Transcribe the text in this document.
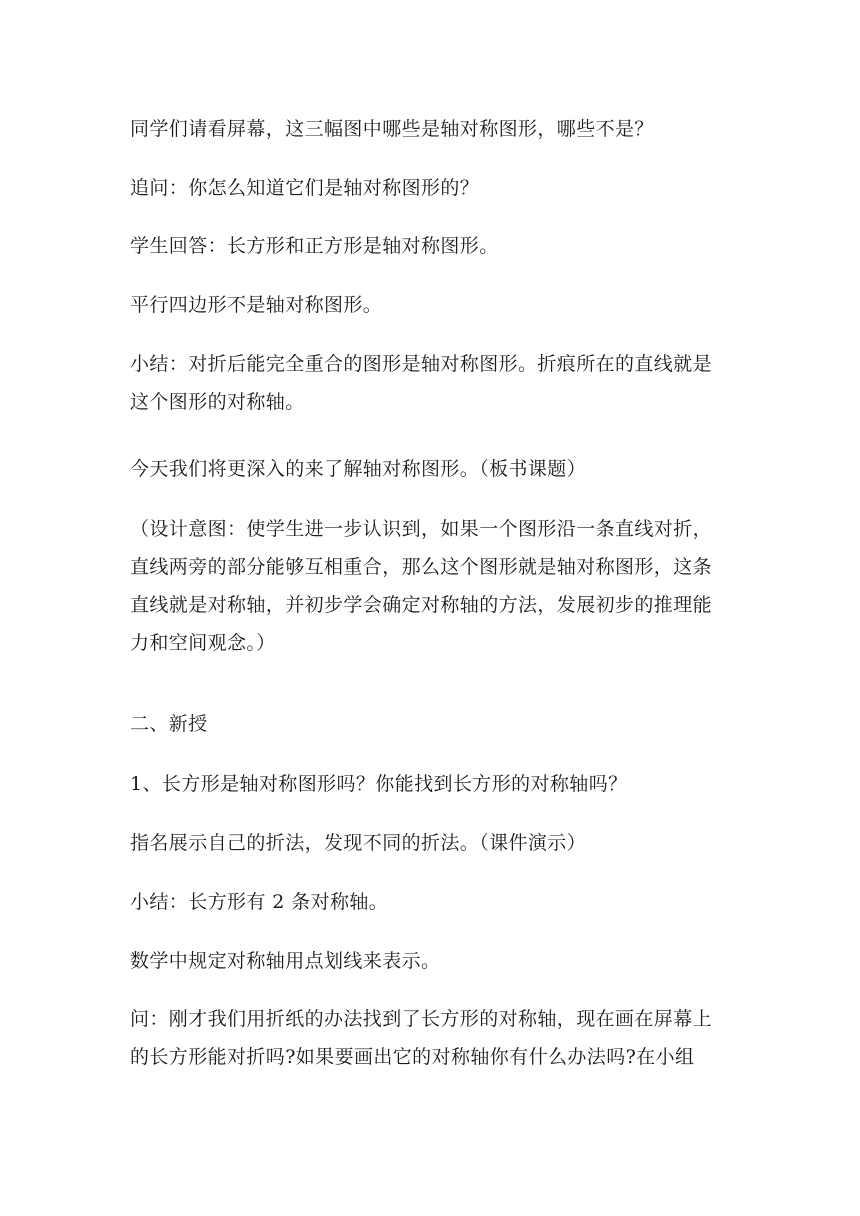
同学们请看屏幕，这三幅图中哪些是轴对称图形，哪些不是？

追问：你怎么知道它们是轴对称图形的？

学生回答：长方形和正方形是轴对称图形。

平行四边形不是轴对称图形。

小结：对折后能完全重合的图形是轴对称图形。折痕所在的直线就是
这个图形的对称轴。

今天我们将更深入的来了解轴对称图形。（板书课题）

（设计意图：使学生进一步认识到，如果一个图形沿一条直线对折，
直线两旁的部分能够互相重合，那么这个图形就是轴对称图形，这条
直线就是对称轴，并初步学会确定对称轴的方法，发展初步的推理能
力和空间观念。）

二、新授

1、长方形是轴对称图形吗？你能找到长方形的对称轴吗？

指名展示自己的折法，发现不同的折法。（课件演示）

小结：长方形有 2 条对称轴。

数学中规定对称轴用点划线来表示。

问：刚才我们用折纸的办法找到了长方形的对称轴，现在画在屏幕上
的长方形能对折吗?如果要画出它的对称轴你有什么办法吗?在小组
